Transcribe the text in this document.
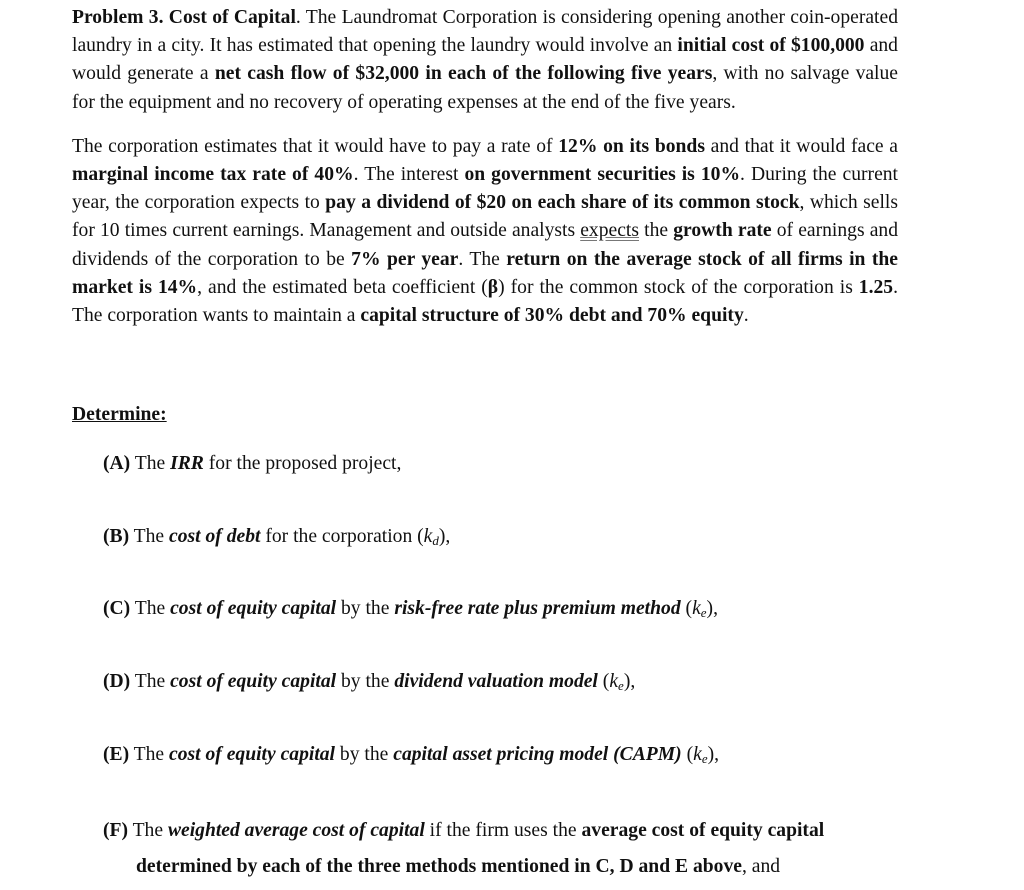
Problem 3. Cost of Capital. The Laundromat Corporation is considering opening another coin-operated laundry in a city. It has estimated that opening the laundry would involve an initial cost of $100,000 and would generate a net cash flow of $32,000 in each of the following five years, with no salvage value for the equipment and no recovery of operating expenses at the end of the five years.

The corporation estimates that it would have to pay a rate of 12% on its bonds and that it would face a marginal income tax rate of 40%. The interest on government securities is 10%. During the current year, the corporation expects to pay a dividend of $20 on each share of its common stock, which sells for 10 times current earnings. Management and outside analysts expects the growth rate of earnings and dividends of the corporation to be 7% per year. The return on the average stock of all firms in the market is 14%, and the estimated beta coefficient (β) for the common stock of the corporation is 1.25. The corporation wants to maintain a capital structure of 30% debt and 70% equity.

Determine:

(A) The IRR for the proposed project,

(B) The cost of debt for the corporation $(k_d)$,

(C) The cost of equity capital by the risk-free rate plus premium method $(k_e)$,

(D) The cost of equity capital by the dividend valuation model $(k_e)$,

(E) The cost of equity capital by the capital asset pricing model (CAPM) $(k_e)$,

(F) The weighted average cost of capital if the firm uses the average cost of equity capital
determined by each of the three methods mentioned in C, D and E above, and
